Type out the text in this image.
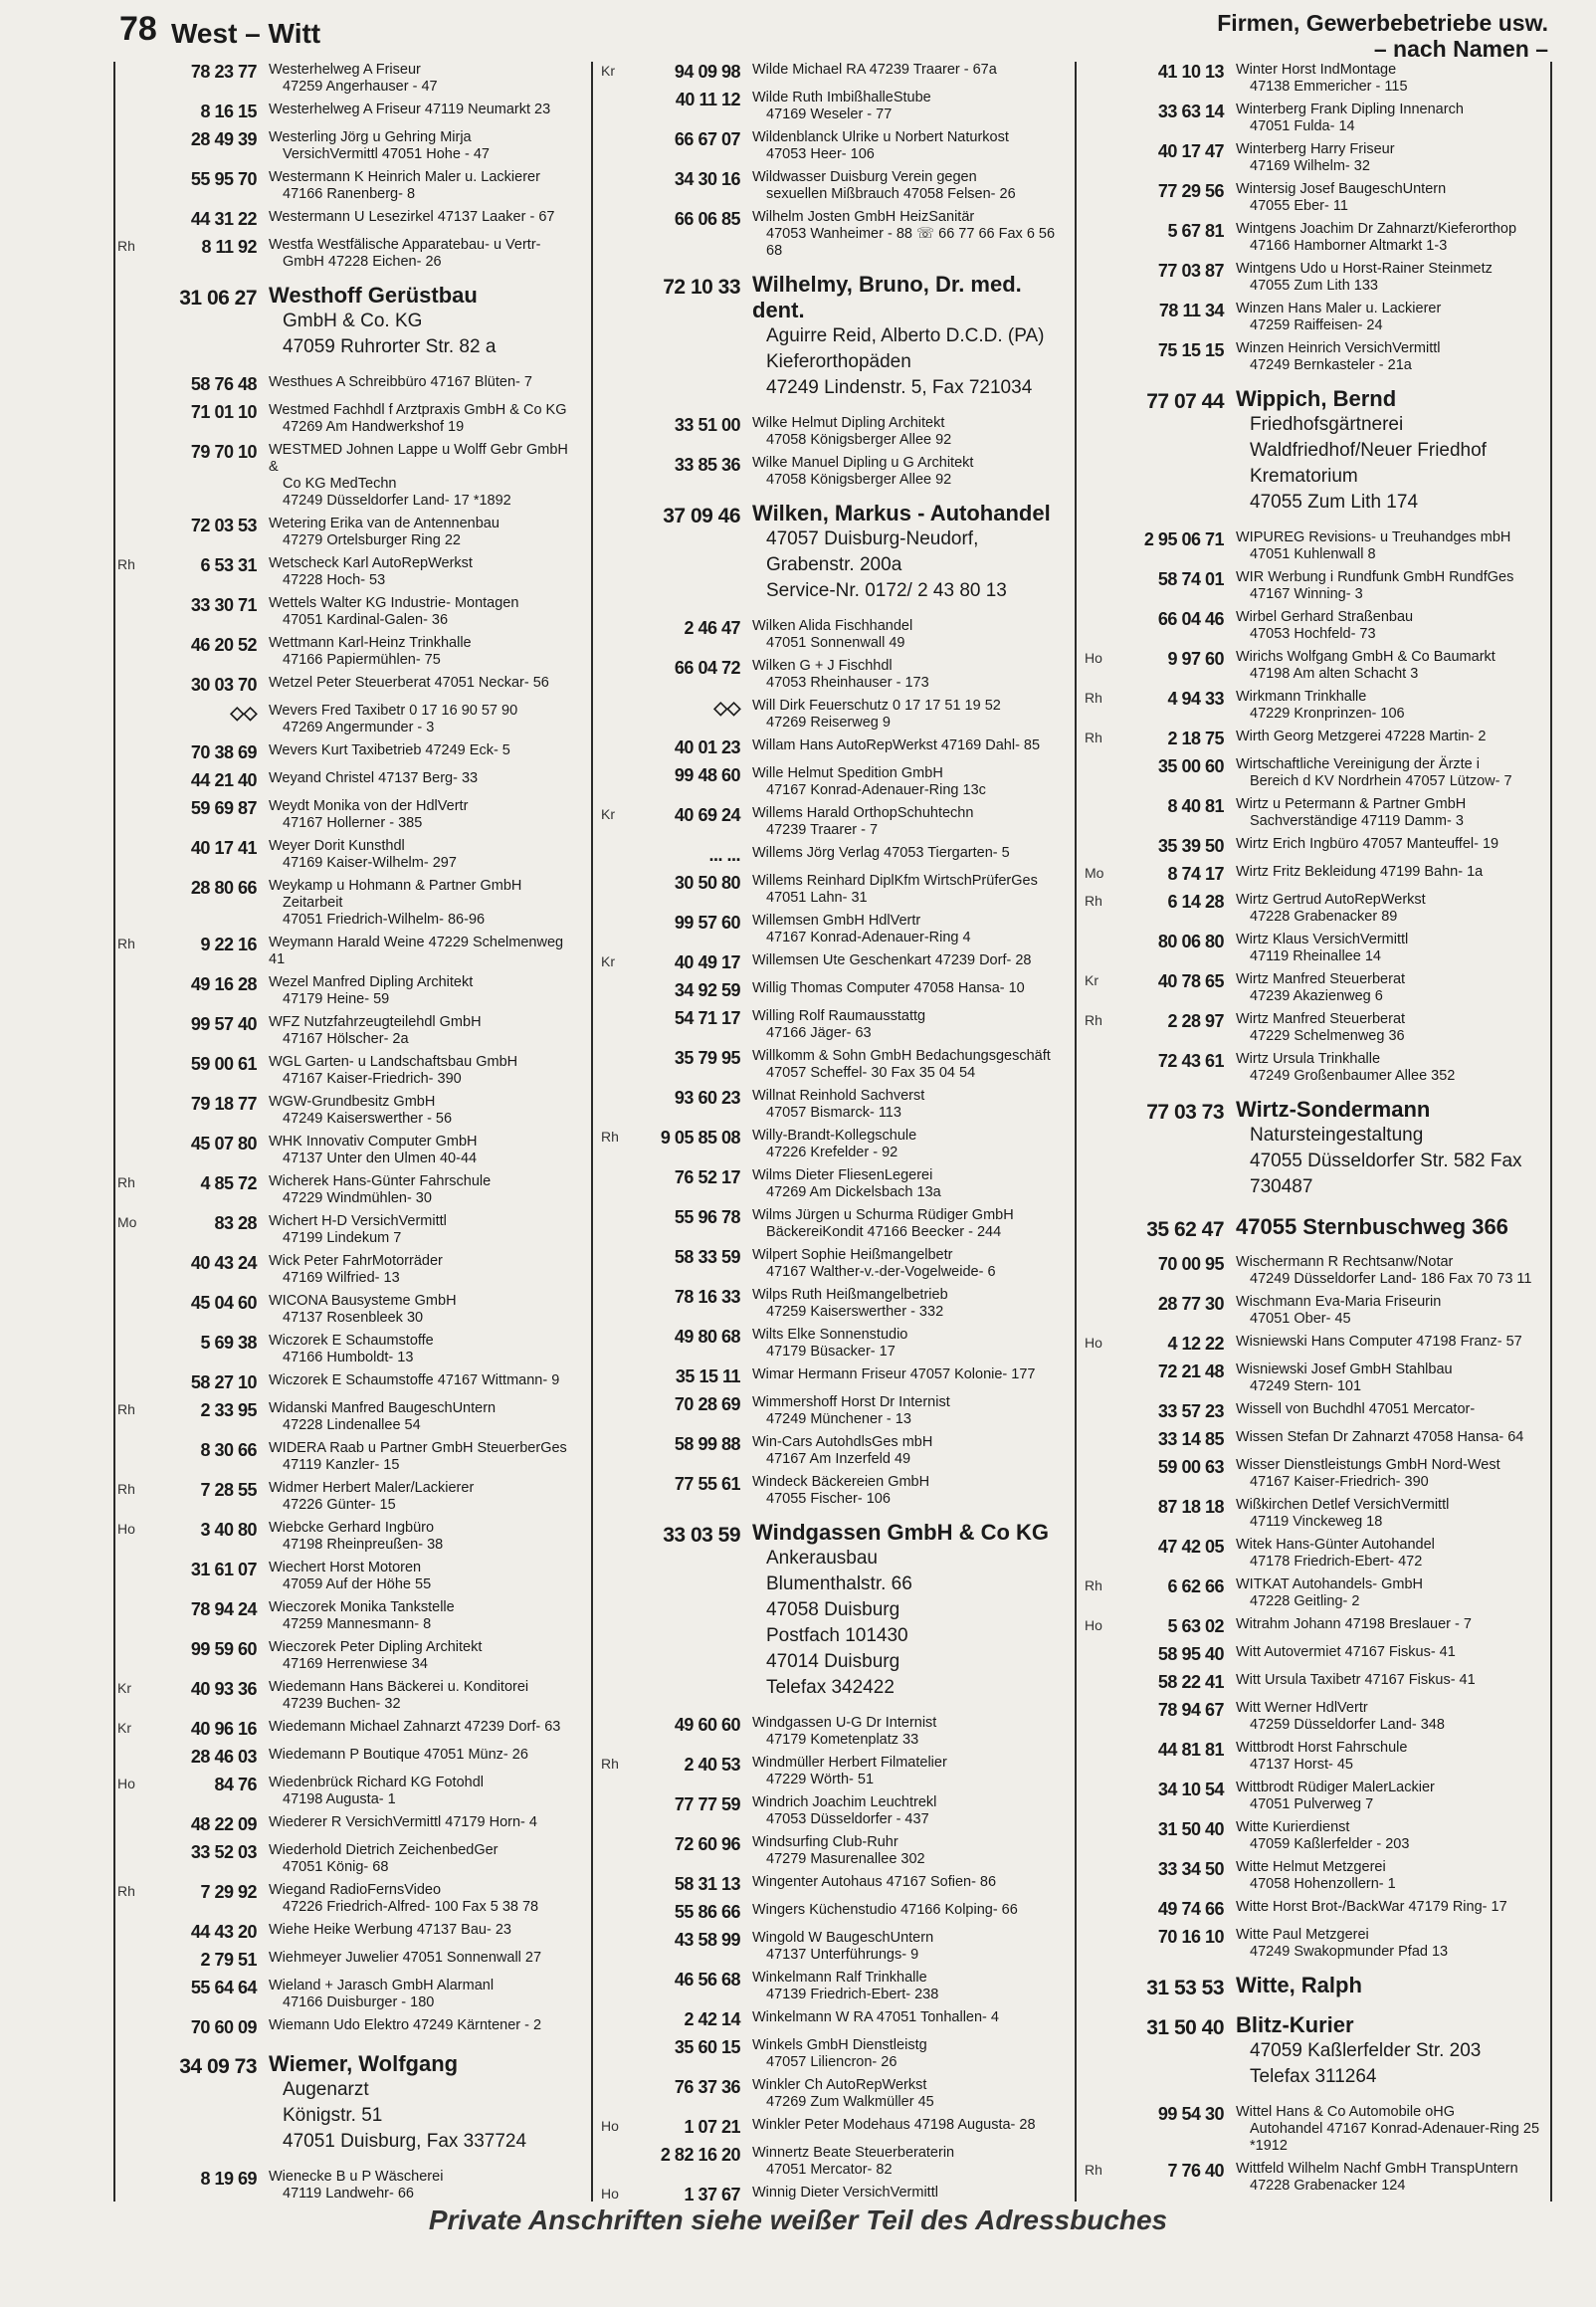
78 West – Witt	Firmen, Gewerbebetriebe usw.
– nach Namen –
78 23 77 Westerhelweg A Friseur
47259 Angerhauser - 47
8 16 15 Westerhelweg A Friseur 47119 Neumarkt 23
28 49 39 Westerling Jörg u Gehring Mirja
VersichVermittl 47051 Hohe - 47
55 95 70 Westermann K Heinrich Maler u. Lackierer
47166 Ranenberg- 8
44 31 22 Westermann U Lesezirkel 47137 Laaker - 67
Rh	8 11 92 Westfa Westfälische Apparatebau- u Vertr-
GmbH 47228 Eichen- 26
31 06 27 Westhoff Gerüstbau
GmbH & Co. KG
47059 Ruhrorter Str. 82 a
58 76 48 Westhues A Schreibbüro 47167 Blüten- 7
71 01 10 Westmed Fachhdl f Arztpraxis GmbH & Co KG
47269 Am Handwerkshof 19
79 70 10 WESTMED Johnen Lappe u Wolff Gebr GmbH &
Co KG MedTechn
47249 Düsseldorfer Land- 17 *1892
72 03 53 Wetering Erika van de Antennenbau
47279 Ortelsburger Ring 22
Rh	6 53 31 Wetscheck Karl AutoRepWerkst
47228 Hoch- 53
33 30 71 Wettels Walter KG Industrie- Montagen
47051 Kardinal-Galen- 36
46 20 52 Wettmann Karl-Heinz Trinkhalle
47166 Papiermühlen- 75
30 03 70 Wetzel Peter Steuerberat 47051 Neckar- 56
◇◇ Wevers Fred Taxibetr 0 17 16 90 57 90
47269 Angermunder - 3
70 38 69 Wevers Kurt Taxibetrieb 47249 Eck- 5
44 21 40 Weyand Christel 47137 Berg- 33
59 69 87 Weydt Monika von der HdlVertr
47167 Hollerner - 385
40 17 41 Weyer Dorit Kunsthdl
47169 Kaiser-Wilhelm- 297
28 80 66 Weykamp u Hohmann & Partner GmbH
Zeitarbeit
47051 Friedrich-Wilhelm- 86-96
Rh	9 22 16 Weymann Harald Weine 47229 Schelmenweg 41
49 16 28 Wezel Manfred Dipling Architekt
47179 Heine- 59
99 57 40 WFZ Nutzfahrzeugteilehdl GmbH
47167 Hölscher- 2a
59 00 61 WGL Garten- u Landschaftsbau GmbH
47167 Kaiser-Friedrich- 390
79 18 77 WGW-Grundbesitz GmbH
47249 Kaiserswerther - 56
45 07 80 WHK Innovativ Computer GmbH
47137 Unter den Ulmen 40-44
Rh	4 85 72 Wicherek Hans-Günter Fahrschule
47229 Windmühlen- 30
Mo	83 28 Wichert H-D VersichVermittl
47199 Lindekum 7
40 43 24 Wick Peter FahrMotorräder
47169 Wilfried- 13
45 04 60 WICONA Bausysteme GmbH
47137 Rosenbleek 30
5 69 38 Wiczorek E Schaumstoffe
47166 Humboldt- 13
58 27 10 Wiczorek E Schaumstoffe 47167 Wittmann- 9
Rh	2 33 95 Widanski Manfred BaugeschUntern
47228 Lindenallee 54
8 30 66 WIDERA Raab u Partner GmbH SteuerberGes
47119 Kanzler- 15
Rh	7 28 55 Widmer Herbert Maler/Lackierer
47226 Günter- 15
Ho	3 40 80 Wiebcke Gerhard Ingbüro
47198 Rheinpreußen- 38
31 61 07 Wiechert Horst Motoren
47059 Auf der Höhe 55
78 94 24 Wieczorek Monika Tankstelle
47259 Mannesmann- 8
99 59 60 Wieczorek Peter Dipling Architekt
47169 Herrenwiese 34
Kr	40 93 36 Wiedemann Hans Bäckerei u. Konditorei
47239 Buchen- 32
Kr	40 96 16 Wiedemann Michael Zahnarzt 47239 Dorf- 63
28 46 03 Wiedemann P Boutique 47051 Münz- 26
Ho	84 76 Wiedenbrück Richard KG Fotohdl
47198 Augusta- 1
48 22 09 Wiederer R VersichVermittl 47179 Horn- 4
33 52 03 Wiederhold Dietrich ZeichenbedGer
47051 König- 68
Rh	7 29 92 Wiegand RadioFernsVideo
47226 Friedrich-Alfred- 100 Fax 5 38 78
44 43 20 Wiehe Heike Werbung 47137 Bau- 23
2 79 51 Wiehmeyer Juwelier 47051 Sonnenwall 27
55 64 64 Wieland + Jarasch GmbH Alarmanl
47166 Duisburger - 180
70 60 09 Wiemann Udo Elektro 47249 Kärntener - 2
34 09 73 Wiemer, Wolfgang
Augenarzt
Königstr. 51
47051 Duisburg, Fax 337724
8 19 69 Wienecke B u P Wäscherei
47119 Landwehr- 66
Kr	94 09 98 Wilde Michael RA 47239 Traarer - 67a
40 11 12 Wilde Ruth ImbißhalleStube
47169 Weseler - 77
66 67 07 Wildenblanck Ulrike u Norbert Naturkost
47053 Heer- 106
34 30 16 Wildwasser Duisburg Verein gegen
sexuellen Mißbrauch 47058 Felsen- 26
66 06 85 Wilhelm Josten GmbH HeizSanitär
47053 Wanheimer - 88 ☏ 66 77 66 Fax 6 56 68
72 10 33 Wilhelmy, Bruno, Dr. med. dent.
Aguirre Reid, Alberto D.C.D. (PA)
Kieferorthopäden
47249 Lindenstr. 5, Fax 721034
33 51 00 Wilke Helmut Dipling Architekt
47058 Königsberger Allee 92
33 85 36 Wilke Manuel Dipling u G Architekt
47058 Königsberger Allee 92
37 09 46 Wilken, Markus - Autohandel
47057 Duisburg-Neudorf, Grabenstr. 200a
Service-Nr. 0172/ 2 43 80 13
2 46 47 Wilken Alida Fischhandel
47051 Sonnenwall 49
66 04 72 Wilken G + J Fischhdl
47053 Rheinhauser - 173
◇◇ Will Dirk Feuerschutz 0 17 17 51 19 52
47269 Reiserweg 9
40 01 23 Willam Hans AutoRepWerkst 47169 Dahl- 85
99 48 60 Wille Helmut Spedition GmbH
47167 Konrad-Adenauer-Ring 13c
Kr	40 69 24 Willems Harald OrthopSchuhtechn
47239 Traarer - 7
... ... Willems Jörg Verlag 47053 Tiergarten- 5
30 50 80 Willems Reinhard DiplKfm WirtschPrüferGes
47051 Lahn- 31
99 57 60 Willemsen GmbH HdlVertr
47167 Konrad-Adenauer-Ring 4
Kr	40 49 17 Willemsen Ute Geschenkart 47239 Dorf- 28
34 92 59 Willig Thomas Computer 47058 Hansa- 10
54 71 17 Willing Rolf Raumausstattg
47166 Jäger- 63
35 79 95 Willkomm & Sohn GmbH Bedachungsgeschäft
47057 Scheffel- 30 Fax 35 04 54
93 60 23 Willnat Reinhold Sachverst
47057 Bismarck- 113
Rh	9 05 85 08 Willy-Brandt-Kollegschule
47226 Krefelder - 92
76 52 17 Wilms Dieter FliesenLegerei
47269 Am Dickelsbach 13a
55 96 78 Wilms Jürgen u Schurma Rüdiger GmbH
BäckereiKondit 47166 Beecker - 244
58 33 59 Wilpert Sophie Heißmangelbetr
47167 Walther-v.-der-Vogelweide- 6
78 16 33 Wilps Ruth Heißmangelbetrieb
47259 Kaiserswerther - 332
49 80 68 Wilts Elke Sonnenstudio
47179 Büsacker- 17
35 15 11 Wimar Hermann Friseur 47057 Kolonie- 177
70 28 69 Wimmershoff Horst Dr Internist
47249 Münchener - 13
58 99 88 Win-Cars AutohdlsGes mbH
47167 Am Inzerfeld 49
77 55 61 Windeck Bäckereien GmbH
47055 Fischer- 106
33 03 59 Windgassen GmbH & Co KG
Ankerausbau
Blumenthalstr. 66
47058 Duisburg
Postfach 101430
47014 Duisburg
Telefax 342422
49 60 60 Windgassen U-G Dr Internist
47179 Kometenplatz 33
Rh	2 40 53 Windmüller Herbert Filmatelier
47229 Wörth- 51
77 77 59 Windrich Joachim Leuchtrekl
47053 Düsseldorfer - 437
72 60 96 Windsurfing Club-Ruhr
47279 Masurenallee 302
58 31 13 Wingenter Autohaus 47167 Sofien- 86
55 86 66 Wingers Küchenstudio 47166 Kolping- 66
43 58 99 Wingold W BaugeschUntern
47137 Unterführungs- 9
46 56 68 Winkelmann Ralf Trinkhalle
47139 Friedrich-Ebert- 238
2 42 14 Winkelmann W RA 47051 Tonhallen- 4
35 60 15 Winkels GmbH Dienstleistg
47057 Liliencron- 26
76 37 36 Winkler Ch AutoRepWerkst
47269 Zum Walkmüller 45
Ho	1 07 21 Winkler Peter Modehaus 47198 Augusta- 28
2 82 16 20 Winnertz Beate Steuerberaterin
47051 Mercator- 82
Ho	1 37 67 Winnig Dieter VersichVermittl
41 10 13 Winter Horst IndMontage
47138 Emmericher - 115
33 63 14 Winterberg Frank Dipling Innenarch
47051 Fulda- 14
40 17 47 Winterberg Harry Friseur
47169 Wilhelm- 32
77 29 56 Wintersig Josef BaugeschUntern
47055 Eber- 11
5 67 81 Wintgens Joachim Dr Zahnarzt/Kieferorthop
47166 Hamborner Altmarkt 1-3
77 03 87 Wintgens Udo u Horst-Rainer Steinmetz
47055 Zum Lith 133
78 11 34 Winzen Hans Maler u. Lackierer
47259 Raiffeisen- 24
75 15 15 Winzen Heinrich VersichVermittl
47249 Bernkasteler - 21a
77 07 44 Wippich, Bernd
Friedhofsgärtnerei
Waldfriedhof/Neuer Friedhof
Krematorium
47055 Zum Lith 174
2 95 06 71 WIPUREG Revisions- u Treuhandges mbH
47051 Kuhlenwall 8
58 74 01 WIR Werbung i Rundfunk GmbH RundfGes
47167 Winning- 3
66 04 46 Wirbel Gerhard Straßenbau
47053 Hochfeld- 73
Ho	9 97 60 Wirichs Wolfgang GmbH & Co Baumarkt
47198 Am alten Schacht 3
Rh	4 94 33 Wirkmann Trinkhalle
47229 Kronprinzen- 106
Rh	2 18 75 Wirth Georg Metzgerei 47228 Martin- 2
35 00 60 Wirtschaftliche Vereinigung der Ärzte i
Bereich d KV Nordrhein 47057 Lützow- 7
8 40 81 Wirtz u Petermann & Partner GmbH
Sachverständige 47119 Damm- 3
35 39 50 Wirtz Erich Ingbüro 47057 Manteuffel- 19
Mo	8 74 17 Wirtz Fritz Bekleidung 47199 Bahn- 1a
Rh	6 14 28 Wirtz Gertrud AutoRepWerkst
47228 Grabenacker 89
80 06 80 Wirtz Klaus VersichVermittl
47119 Rheinallee 14
Kr	40 78 65 Wirtz Manfred Steuerberat
47239 Akazienweg 6
Rh	2 28 97 Wirtz Manfred Steuerberat
47229 Schelmenweg 36
72 43 61 Wirtz Ursula Trinkhalle
47249 Großenbaumer Allee 352
77 03 73 Wirtz-Sondermann
Natursteingestaltung
47055 Düsseldorfer Str. 582 Fax 730487
35 62 47 47055 Sternbuschweg 366
70 00 95 Wischermann R Rechtsanw/Notar
47249 Düsseldorfer Land- 186 Fax 70 73 11
28 77 30 Wischmann Eva-Maria Friseurin
47051 Ober- 45
Ho	4 12 22 Wisniewski Hans Computer 47198 Franz- 57
72 21 48 Wisniewski Josef GmbH Stahlbau
47249 Stern- 101
33 57 23 Wissell von Buchdhl 47051 Mercator-
33 14 85 Wissen Stefan Dr Zahnarzt 47058 Hansa- 64
59 00 63 Wisser Dienstleistungs GmbH Nord-West
47167 Kaiser-Friedrich- 390
87 18 18 Wißkirchen Detlef VersichVermittl
47119 Vinckeweg 18
47 42 05 Witek Hans-Günter Autohandel
47178 Friedrich-Ebert- 472
Rh	6 62 66 WITKAT Autohandels- GmbH
47228 Geitling- 2
Ho	5 63 02 Witrahm Johann 47198 Breslauer - 7
58 95 40 Witt Autovermiet 47167 Fiskus- 41
58 22 41 Witt Ursula Taxibetr 47167 Fiskus- 41
78 94 67 Witt Werner HdlVertr
47259 Düsseldorfer Land- 348
44 81 81 Wittbrodt Horst Fahrschule
47137 Horst- 45
34 10 54 Wittbrodt Rüdiger MalerLackier
47051 Pulverweg 7
31 50 40 Witte Kurierdienst
47059 Kaßlerfelder - 203
33 34 50 Witte Helmut Metzgerei
47058 Hohenzollern- 1
49 74 66 Witte Horst Brot-/BackWar 47179 Ring- 17
70 16 10 Witte Paul Metzgerei
47249 Swakopmunder Pfad 13
31 53 53 Witte, Ralph
31 50 40 Blitz-Kurier
47059 Kaßlerfelder Str. 203
Telefax 311264
99 54 30 Wittel Hans & Co Automobile oHG
Autohandel 47167 Konrad-Adenauer-Ring 25
*1912
Rh	7 76 40 Wittfeld Wilhelm Nachf GmbH TranspUntern
47228 Grabenacker 124
Private Anschriften siehe weißer Teil des Adressbuches
